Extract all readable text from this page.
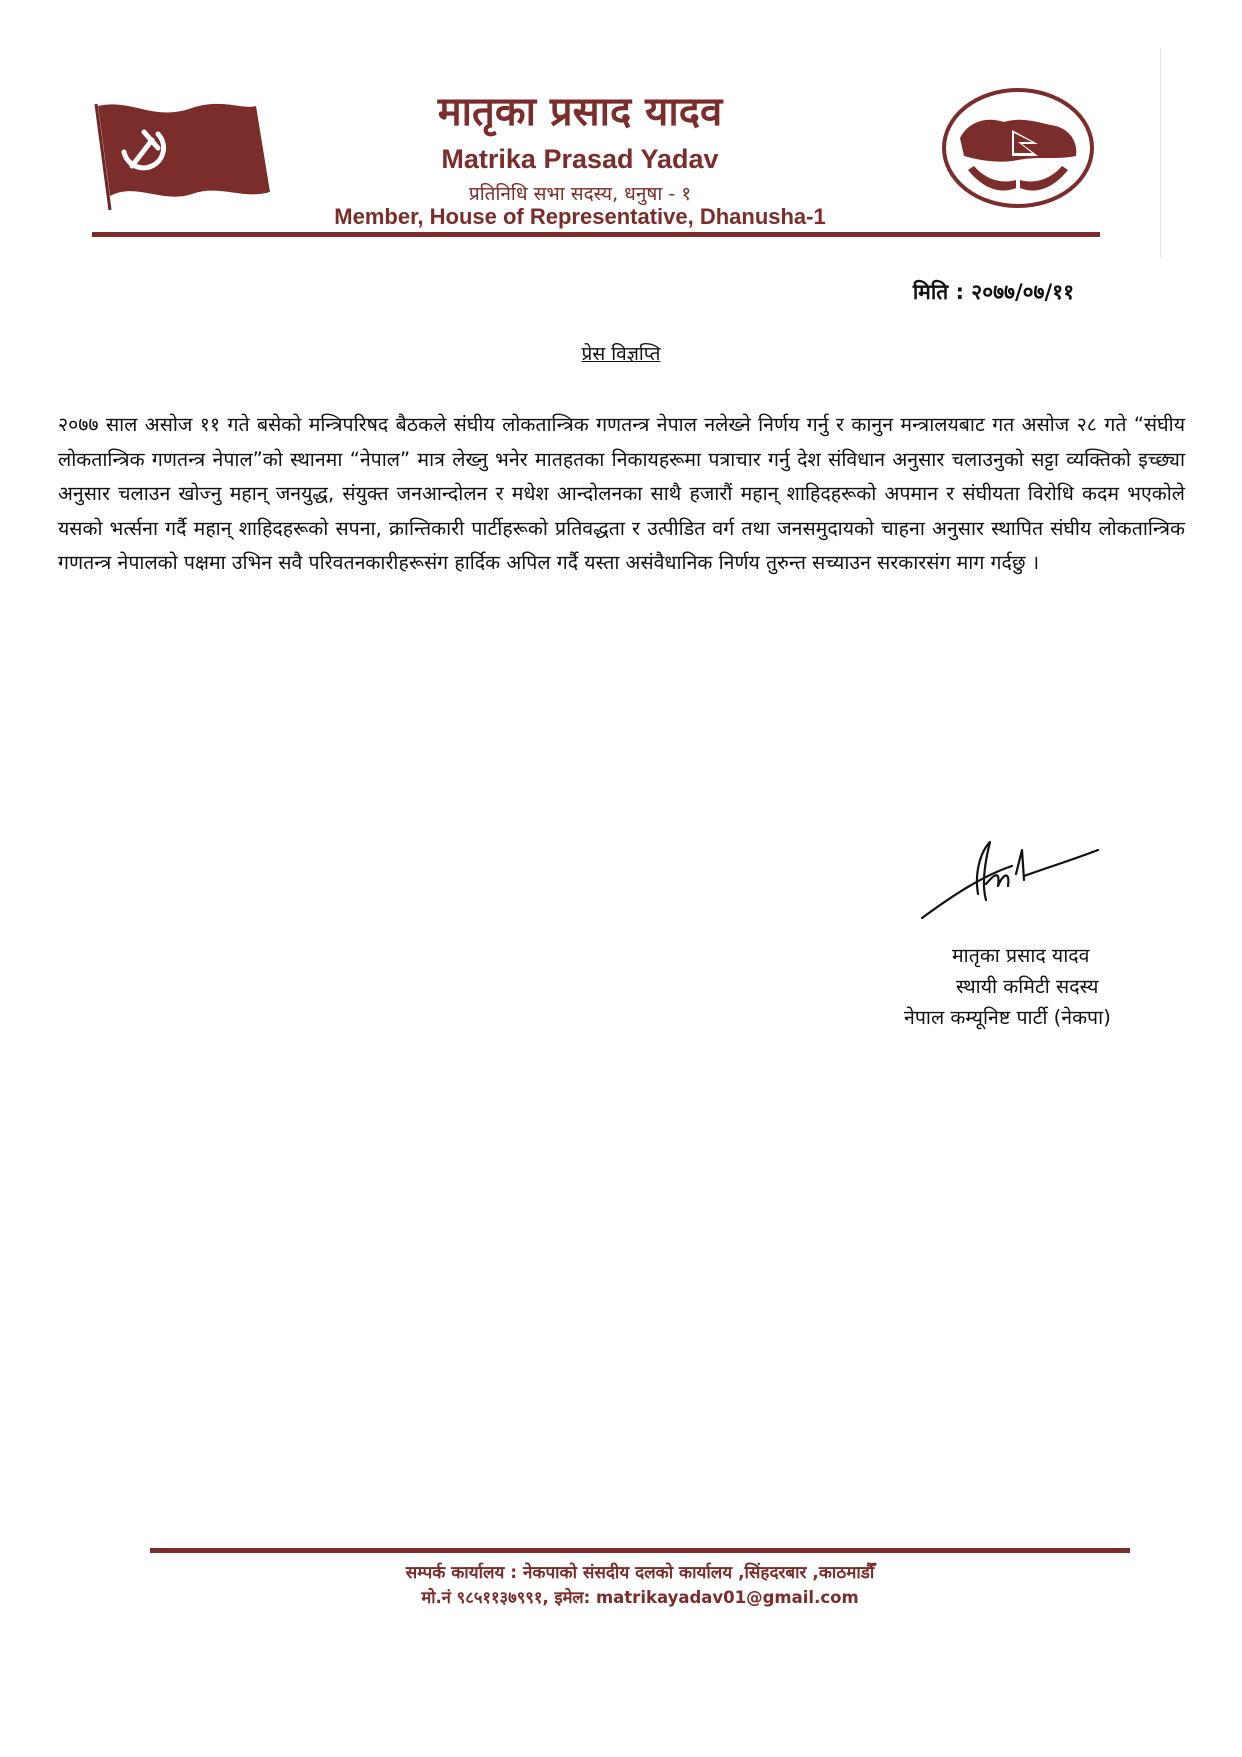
मातृका प्रसाद यादव
Matrika Prasad Yadav
प्रतिनिधि सभा सदस्य, धनुषा - १
Member, House of Representative, Dhanusha-1
मिति : २०७७/०७/११
प्रेस विज्ञप्ति

२०७७ साल असोज ११ गते बसेको मन्त्रिपरिषद बैठकले संघीय लोकतान्त्रिक गणतन्त्र नेपाल नलेख्ने निर्णय गर्नु र कानुन मन्त्रालयबाट गत असोज २८ गते “संघीय लोकतान्त्रिक गणतन्त्र नेपाल”को स्थानमा “नेपाल” मात्र लेख्नु भनेर मातहतका निकायहरूमा पत्राचार गर्नु देश संविधान अनुसार चलाउनुको सट्टा व्यक्तिको इच्छ्या अनुसार चलाउन खोज्नु महान् जनयुद्ध, संयुक्त जनआन्दोलन र मधेश आन्दोलनका साथै हजारौं महान् शाहिदहरूको अपमान र संघीयता विरोधि कदम भएकोले यसको भर्त्सना गर्दै महान् शाहिदहरूको सपना, क्रान्तिकारी पार्टीहरूको प्रतिवद्धता र उत्पीडित वर्ग तथा जनसमुदायको चाहना अनुसार स्थापित संघीय लोकतान्त्रिक गणतन्त्र नेपालको पक्षमा उभिन सवै परिवतनकारीहरूसंग हार्दिक अपिल गर्दै यस्ता असंवैधानिक निर्णय तुरुन्त सच्याउन सरकारसंग माग गर्दछु ।

मातृका प्रसाद यादव
स्थायी कमिटी सदस्य
नेपाल कम्यूनिष्ट पार्टी (नेकपा)
सम्पर्क कार्यालय : नेकपाको संसदीय दलको कार्यालय ,सिंहदरबार ,काठमाडौँ
मो.नं ९८५११३७९९१, इमेल: matrikayadav01@gmail.com
